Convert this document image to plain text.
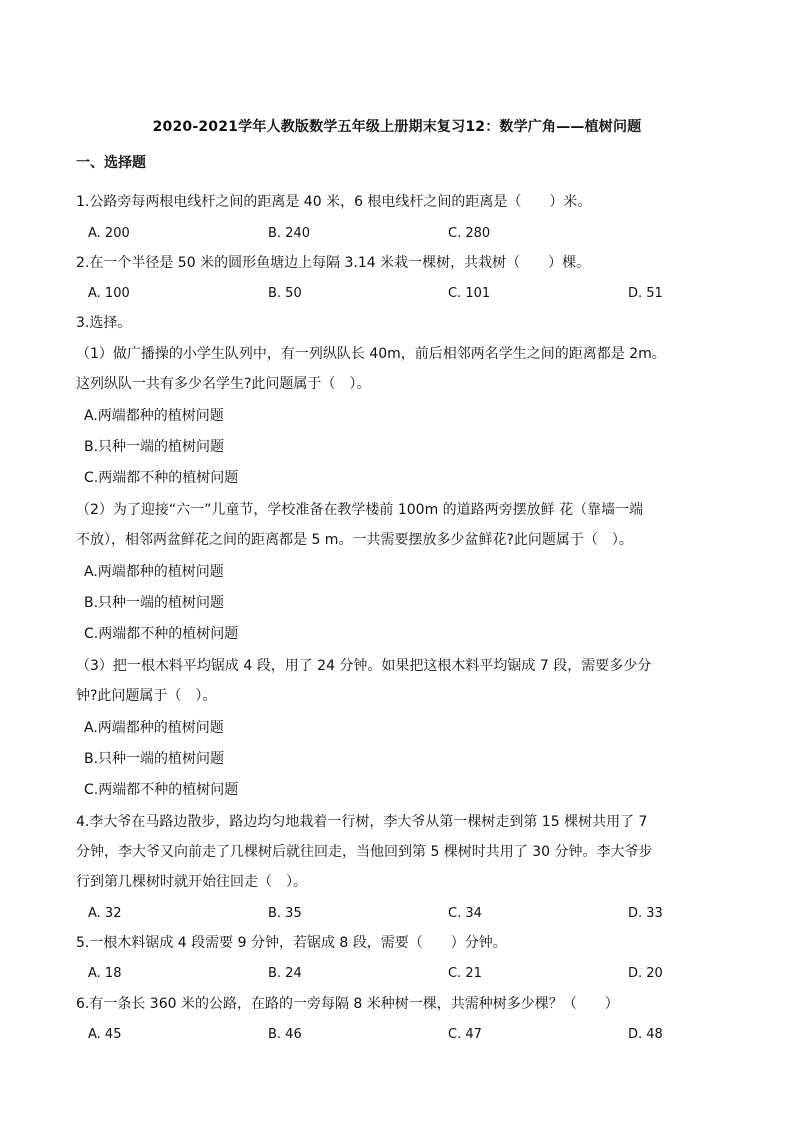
2020-2021学年人教版数学五年级上册期末复习12：数学广角——植树问题
一、选择题
1.公路旁每两根电线杆之间的距离是 40 米，6 根电线杆之间的距离是（　　）米。
A. 200	B. 240	C. 280
2.在一个半径是 50 米的圆形鱼塘边上每隔 3.14 米栽一棵树，共栽树（　　）棵。
A. 100	B. 50	C. 101	D. 51
3.选择。
（1）做广播操的小学生队列中，有一列纵队长 40m，前后相邻两名学生之间的距离都是 2m。
这列纵队一共有多少名学生?此问题属于（　）。
A.两端都种的植树问题
B.只种一端的植树问题
C.两端都不种的植树问题
（2）为了迎接“六一”儿童节，学校准备在教学楼前 100m 的道路两旁摆放鲜 花（靠墙一端
不放），相邻两盆鲜花之间的距离都是 5 m。一共需要摆放多少盆鲜花?此问题属于（　）。
A.两端都种的植树问题
B.只种一端的植树问题
C.两端都不种的植树问题
（3）把一根木料平均锯成 4 段，用了 24 分钟。如果把这根木料平均锯成 7 段，需要多少分
钟?此问题属于（　）。
A.两端都种的植树问题
B.只种一端的植树问题
C.两端都不种的植树问题
4.李大爷在马路边散步，路边均匀地栽着一行树，李大爷从第一棵树走到第 15 棵树共用了 7
分钟，李大爷又向前走了几棵树后就往回走，当他回到第 5 棵树时共用了 30 分钟。李大爷步
行到第几棵树时就开始往回走（　）。
A. 32	B. 35	C. 34	D. 33
5.一根木料锯成 4 段需要 9 分钟，若锯成 8 段，需要（　　）分钟。
A. 18	B. 24	C. 21	D. 20
6.有一条长 360 米的公路，在路的一旁每隔 8 米种树一棵，共需种树多少棵？（　　）
A. 45	B. 46	C. 47	D. 48
